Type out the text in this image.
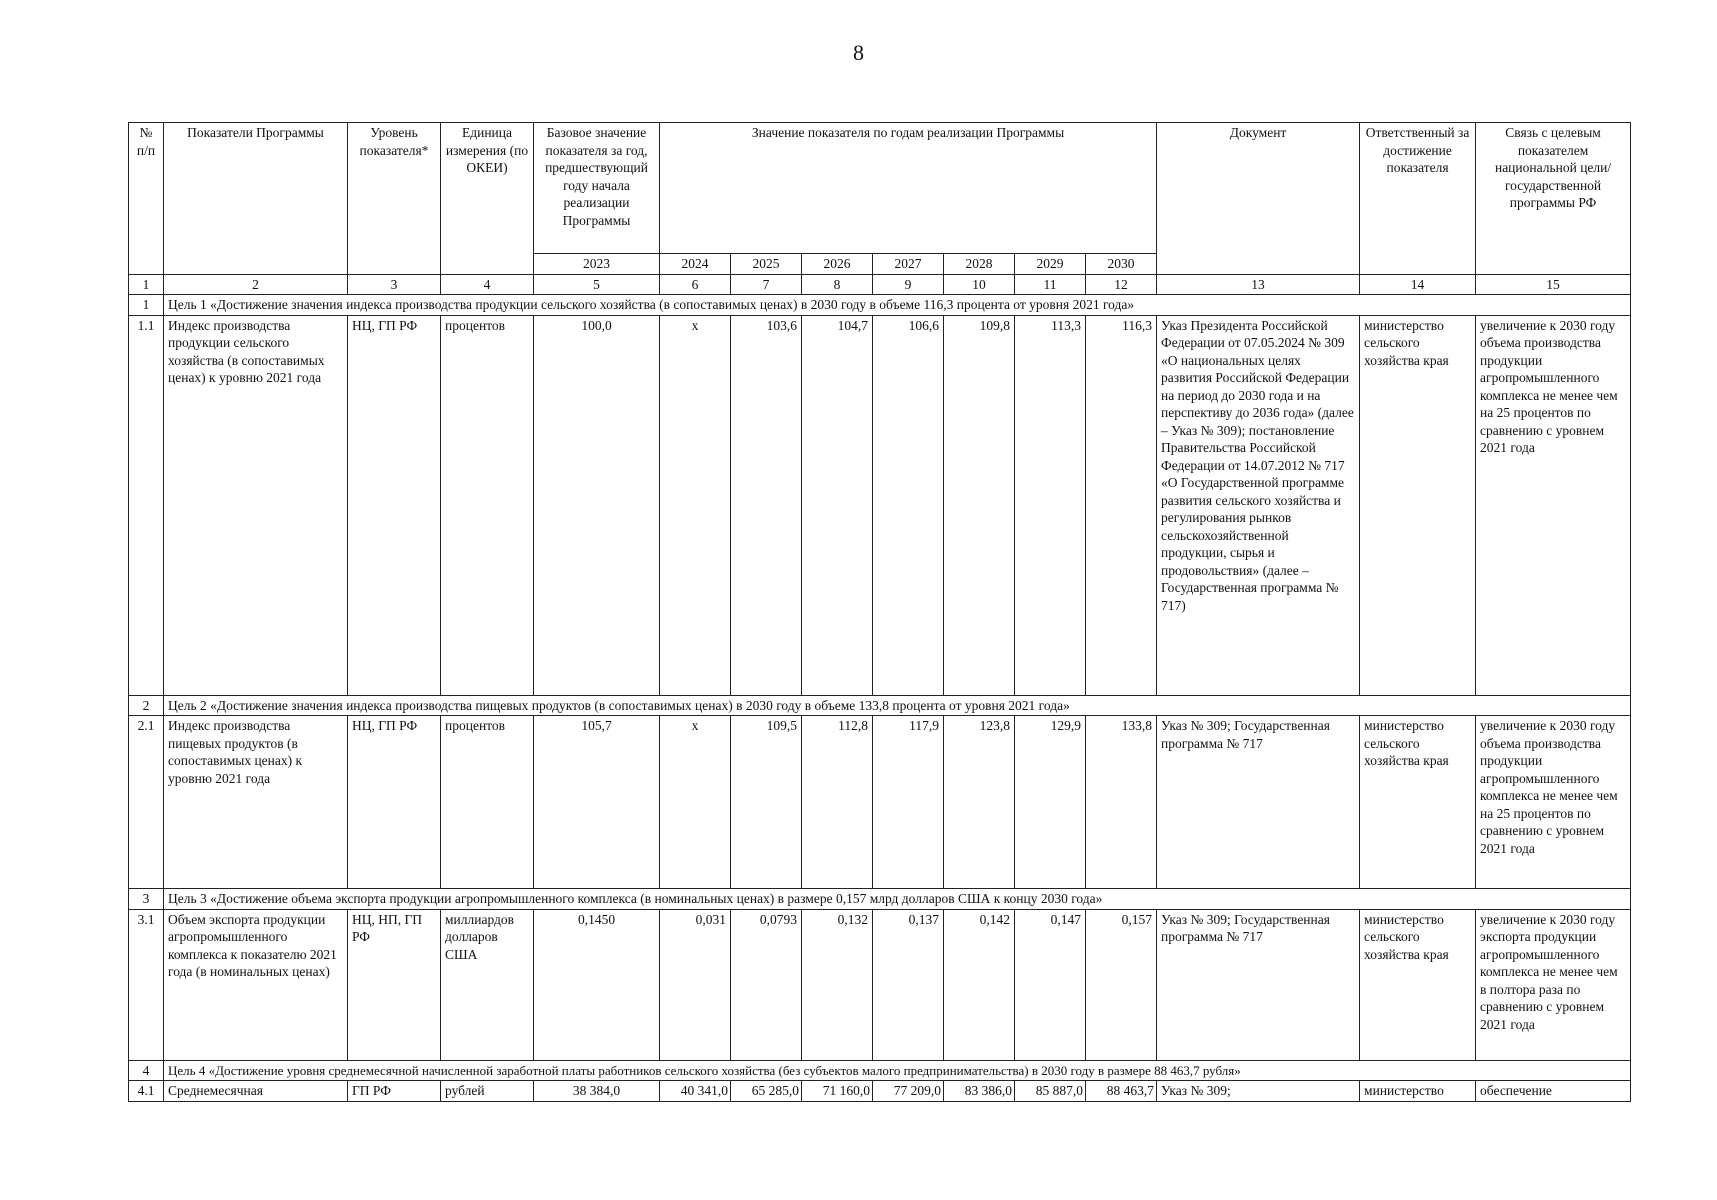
8
№ п/п	Показатели Программы	Уровень показателя*	Единица измерения (по ОКЕИ)	Базовое значение показателя за год, предшествующий году начала реализации Программы	Значение показателя по годам реализации Программы							Документ	Ответственный за достижение показателя	Связь с целевым показателем национальной цели/ государственной программы РФ
				2023	2024	2025	2026	2027	2028	2029	2030			
1	2	3	4	5	6	7	8	9	10	11	12	13	14	15
1	Цель 1 «Достижение значения индекса производства продукции сельского хозяйства (в сопоставимых ценах) в 2030 году в объеме 116,3 процента от уровня 2021 года»													
1.1	Индекс производства продукции сельского хозяйства (в сопоставимых ценах) к уровню 2021 года	НЦ, ГП РФ	процентов	100,0	x	103,6	104,7	106,6	109,8	113,3	116,3	Указ Президента Российской Федерации от 07.05.2024 № 309 «О национальных целях развития Российской Федерации на период до 2030 года и на перспективу до 2036 года» (далее – Указ № 309); постановление Правительства Российской Федерации от 14.07.2012 № 717 «О Государственной программе развития сельского хозяйства и регулирования рынков сельскохозяйственной продукции, сырья и продовольствия» (далее – Государственная программа № 717)	министерство сельского хозяйства края	увеличение к 2030 году объема производства продукции агропромышленного комплекса не менее чем на 25 процентов по сравнению с уровнем 2021 года
2	Цель 2 «Достижение значения индекса производства пищевых продуктов (в сопоставимых ценах) в 2030 году в объеме 133,8 процента от уровня 2021 года»													
2.1	Индекс производства пищевых продуктов (в сопоставимых ценах) к уровню 2021 года	НЦ, ГП РФ	процентов	105,7	x	109,5	112,8	117,9	123,8	129,9	133,8	Указ № 309; Государственная программа № 717	министерство сельского хозяйства края	увеличение к 2030 году объема производства продукции агропромышленного комплекса не менее чем на 25 процентов по сравнению с уровнем 2021 года
3	Цель 3 «Достижение объема экспорта продукции агропромышленного комплекса (в номинальных ценах) в размере 0,157 млрд долларов США к концу 2030 года»													
3.1	Объем экспорта продукции агропромышленного комплекса к показателю 2021 года (в номинальных ценах)	НЦ, НП, ГП РФ	миллиардов долларов США	0,1450	0,031	0,0793	0,132	0,137	0,142	0,147	0,157	Указ № 309; Государственная программа № 717	министерство сельского хозяйства края	увеличение к 2030 году экспорта продукции агропромышленного комплекса не менее чем в полтора раза по сравнению с уровнем 2021 года
4	Цель 4 «Достижение уровня среднемесячной начисленной заработной платы работников сельского хозяйства (без субъектов малого предпринимательства) в 2030 году в размере 88 463,7 рубля»													
4.1	Среднемесячная	ГП РФ	рублей	38 384,0	40 341,0	65 285,0	71 160,0	77 209,0	83 386,0	85 887,0	88 463,7	Указ № 309;	министерство	обеспечение
